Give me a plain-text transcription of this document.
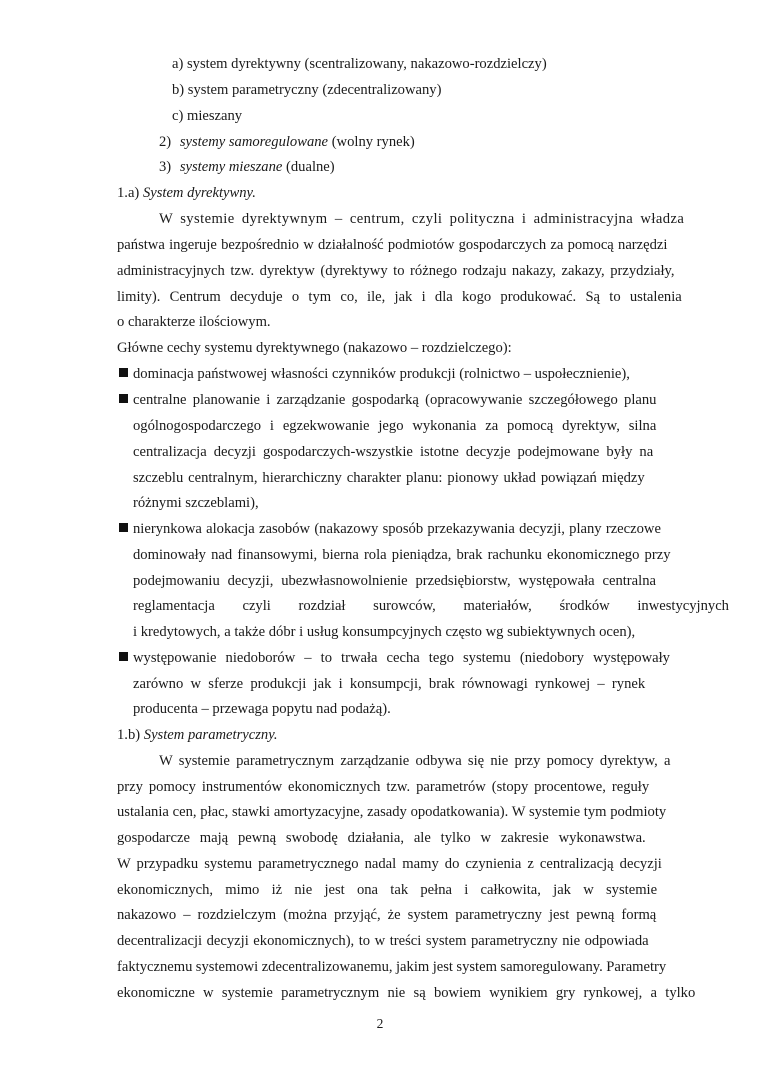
a) system dyrektywny (scentralizowany, nakazowo-rozdzielczy)
b) system parametryczny (zdecentralizowany)
c) mieszany
2) systemy samoregulowane (wolny rynek)
3) systemy mieszane (dualne)
1.a) System dyrektywny.
W systemie dyrektywnym – centrum, czyli polityczna i administracyjna władza
państwa ingeruje bezpośrednio w działalność podmiotów gospodarczych za pomocą narzędzi
administracyjnych tzw. dyrektyw (dyrektywy to różnego rodzaju nakazy, zakazy, przydziały,
limity). Centrum decyduje o tym co, ile, jak i dla kogo produkować. Są to ustalenia
o charakterze ilościowym.
Główne cechy systemu dyrektywnego (nakazowo – rozdzielczego):
dominacja państwowej własności czynników produkcji (rolnictwo – uspołecznienie),
centralne planowanie i zarządzanie gospodarką (opracowywanie szczegółowego planu
ogólnogospodarczego i egzekwowanie jego wykonania za pomocą dyrektyw, silna
centralizacja decyzji gospodarczych-wszystkie istotne decyzje podejmowane były na
szczeblu centralnym, hierarchiczny charakter planu: pionowy układ powiązań między
różnymi szczeblami),
nierynkowa alokacja zasobów (nakazowy sposób przekazywania decyzji, plany rzeczowe
dominowały nad finansowymi, bierna rola pieniądza, brak rachunku ekonomicznego przy
podejmowaniu decyzji, ubezwłasnowolnienie przedsiębiorstw, występowała centralna
reglamentacja czyli rozdział surowców, materiałów, środków inwestycyjnych
i kredytowych, a także dóbr i usług konsumpcyjnych często wg subiektywnych ocen),
występowanie niedoborów – to trwała cecha tego systemu (niedobory występowały
zarówno w sferze produkcji jak i konsumpcji, brak równowagi rynkowej – rynek
producenta – przewaga popytu nad podażą).
1.b) System parametryczny.
W systemie parametrycznym zarządzanie odbywa się nie przy pomocy dyrektyw, a
przy pomocy instrumentów ekonomicznych tzw. parametrów (stopy procentowe, reguły
ustalania cen, płac, stawki amortyzacyjne, zasady opodatkowania). W systemie tym podmioty
gospodarcze mają pewną swobodę działania, ale tylko w zakresie wykonawstwa.
W przypadku systemu parametrycznego nadal mamy do czynienia z centralizacją decyzji
ekonomicznych, mimo iż nie jest ona tak pełna i całkowita, jak w systemie
nakazowo – rozdzielczym (można przyjąć, że system parametryczny jest pewną formą
decentralizacji decyzji ekonomicznych), to w treści system parametryczny nie odpowiada
faktycznemu systemowi zdecentralizowanemu, jakim jest system samoregulowany. Parametry
ekonomiczne w systemie parametrycznym nie są bowiem wynikiem gry rynkowej, a tylko
2
